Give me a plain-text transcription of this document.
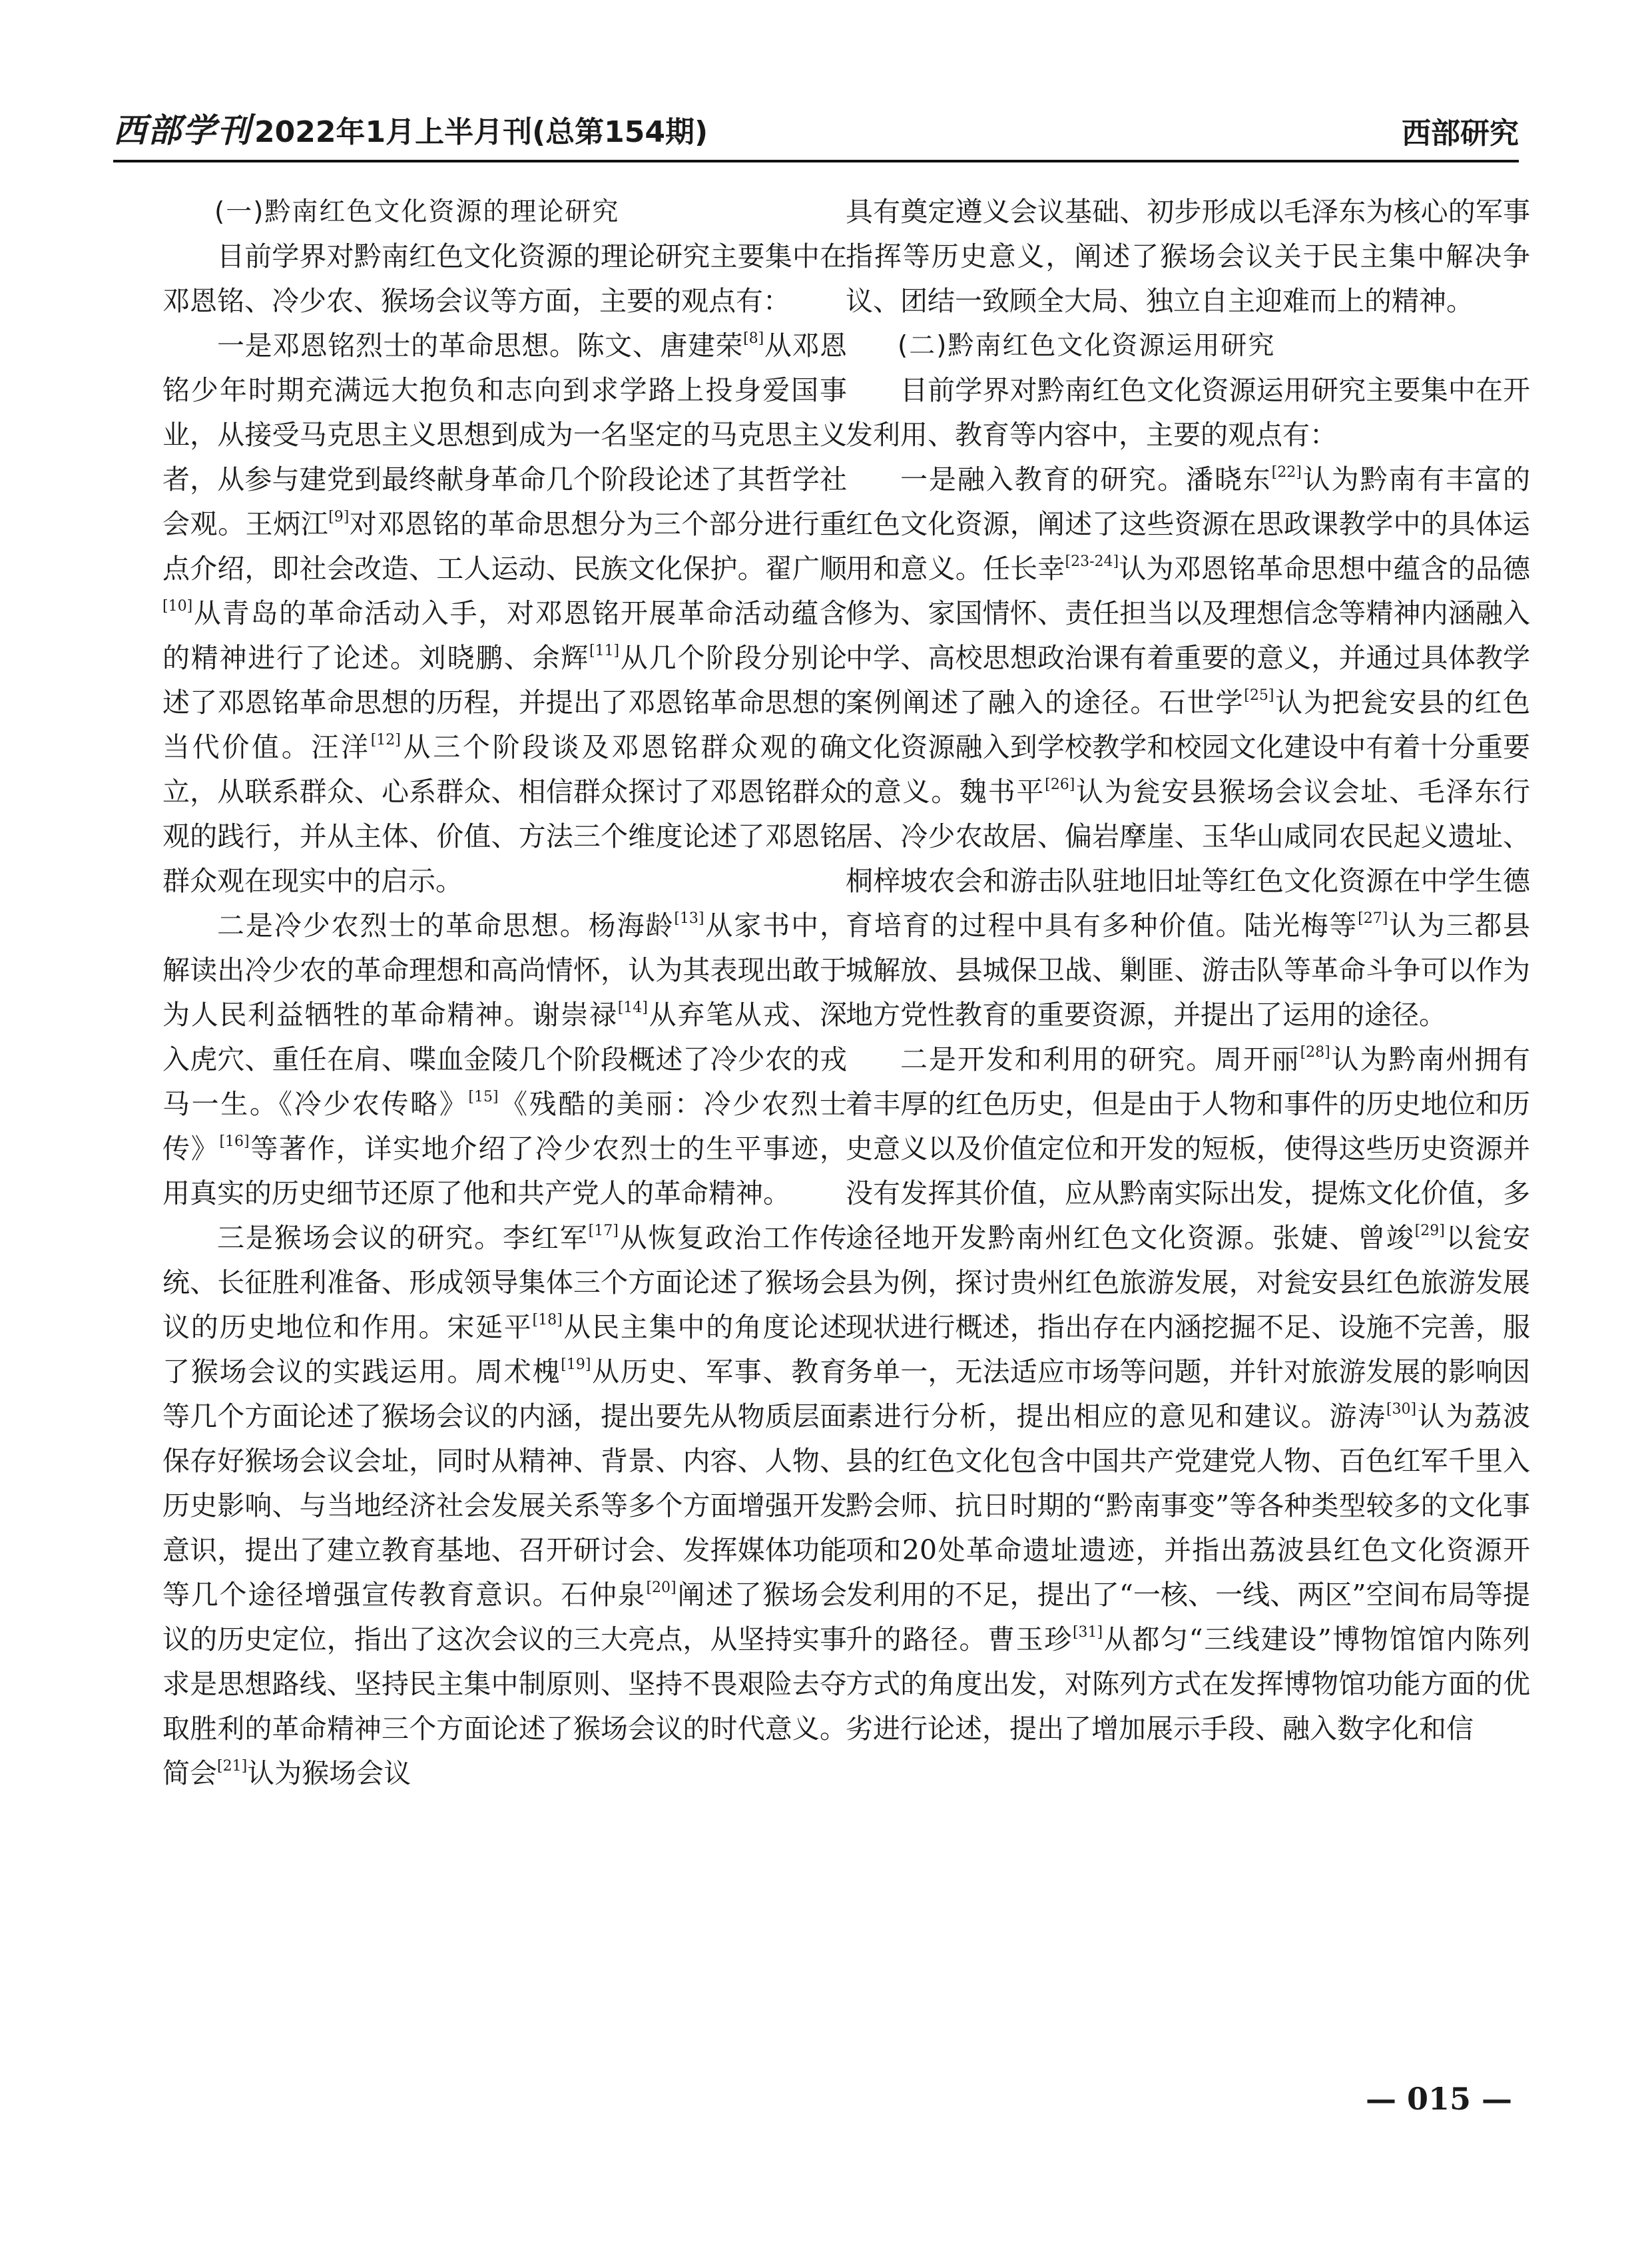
西部学刊2022年1月上半月刊(总第154期)	西部研究

(一)黔南红色文化资源的理论研究

目前学界对黔南红色文化资源的理论研究主要集中在邓恩铭、冷少农、猴场会议等方面，主要的观点有：

一是邓恩铭烈士的革命思想。陈文、唐建荣[8]从邓恩铭少年时期充满远大抱负和志向到求学路上投身爱国事业，从接受马克思主义思想到成为一名坚定的马克思主义者，从参与建党到最终献身革命几个阶段论述了其哲学社会观。王炳江[9]对邓恩铭的革命思想分为三个部分进行重点介绍，即社会改造、工人运动、民族文化保护。翟广顺[10]从青岛的革命活动入手，对邓恩铭开展革命活动蕴含的精神进行了论述。刘晓鹏、余辉[11]从几个阶段分别论述了邓恩铭革命思想的历程，并提出了邓恩铭革命思想的当代价值。汪洋[12]从三个阶段谈及邓恩铭群众观的确立，从联系群众、心系群众、相信群众探讨了邓恩铭群众观的践行，并从主体、价值、方法三个维度论述了邓恩铭群众观在现实中的启示。

二是冷少农烈士的革命思想。杨海龄[13]从家书中，解读出冷少农的革命理想和高尚情怀，认为其表现出敢于为人民利益牺牲的革命精神。谢崇禄[14]从弃笔从戎、深入虎穴、重任在肩、喋血金陵几个阶段概述了冷少农的戎马一生。《冷少农传略》[15]《残酷的美丽：冷少农烈士传》[16]等著作，详实地介绍了冷少农烈士的生平事迹，用真实的历史细节还原了他和共产党人的革命精神。

三是猴场会议的研究。李红军[17]从恢复政治工作传统、长征胜利准备、形成领导集体三个方面论述了猴场会议的历史地位和作用。宋延平[18]从民主集中的角度论述了猴场会议的实践运用。周术槐[19]从历史、军事、教育等几个方面论述了猴场会议的内涵，提出要先从物质层面保存好猴场会议会址，同时从精神、背景、内容、人物、历史影响、与当地经济社会发展关系等多个方面增强开发意识，提出了建立教育基地、召开研讨会、发挥媒体功能等几个途径增强宣传教育意识。石仲泉[20]阐述了猴场会议的历史定位，指出了这次会议的三大亮点，从坚持实事求是思想路线、坚持民主集中制原则、坚持不畏艰险去夺取胜利的革命精神三个方面论述了猴场会议的时代意义。简会[21]认为猴场会议

具有奠定遵义会议基础、初步形成以毛泽东为核心的军事指挥等历史意义，阐述了猴场会议关于民主集中解决争议、团结一致顾全大局、独立自主迎难而上的精神。

(二)黔南红色文化资源运用研究

目前学界对黔南红色文化资源运用研究主要集中在开发利用、教育等内容中，主要的观点有：

一是融入教育的研究。潘晓东[22]认为黔南有丰富的红色文化资源，阐述了这些资源在思政课教学中的具体运用和意义。任长幸[23-24]认为邓恩铭革命思想中蕴含的品德修为、家国情怀、责任担当以及理想信念等精神内涵融入中学、高校思想政治课有着重要的意义，并通过具体教学案例阐述了融入的途径。石世学[25]认为把瓮安县的红色文化资源融入到学校教学和校园文化建设中有着十分重要的意义。魏书平[26]认为瓮安县猴场会议会址、毛泽东行居、冷少农故居、偏岩摩崖、玉华山咸同农民起义遗址、桐梓坡农会和游击队驻地旧址等红色文化资源在中学生德育培育的过程中具有多种价值。陆光梅等[27]认为三都县城解放、县城保卫战、剿匪、游击队等革命斗争可以作为地方党性教育的重要资源，并提出了运用的途径。

二是开发和利用的研究。周开丽[28]认为黔南州拥有着丰厚的红色历史，但是由于人物和事件的历史地位和历史意义以及价值定位和开发的短板，使得这些历史资源并没有发挥其价值，应从黔南实际出发，提炼文化价值，多途径地开发黔南州红色文化资源。张婕、曾竣[29]以瓮安县为例，探讨贵州红色旅游发展，对瓮安县红色旅游发展现状进行概述，指出存在内涵挖掘不足、设施不完善，服务单一，无法适应市场等问题，并针对旅游发展的影响因素进行分析，提出相应的意见和建议。游涛[30]认为荔波县的红色文化包含中国共产党建党人物、百色红军千里入黔会师、抗日时期的“黔南事变”等各种类型较多的文化事项和20处革命遗址遗迹，并指出荔波县红色文化资源开发利用的不足，提出了“一核、一线、两区”空间布局等提升的路径。曹玉珍[31]从都匀“三线建设”博物馆馆内陈列方式的角度出发，对陈列方式在发挥博物馆功能方面的优劣进行论述，提出了增加展示手段、融入数字化和信

— 015 —
